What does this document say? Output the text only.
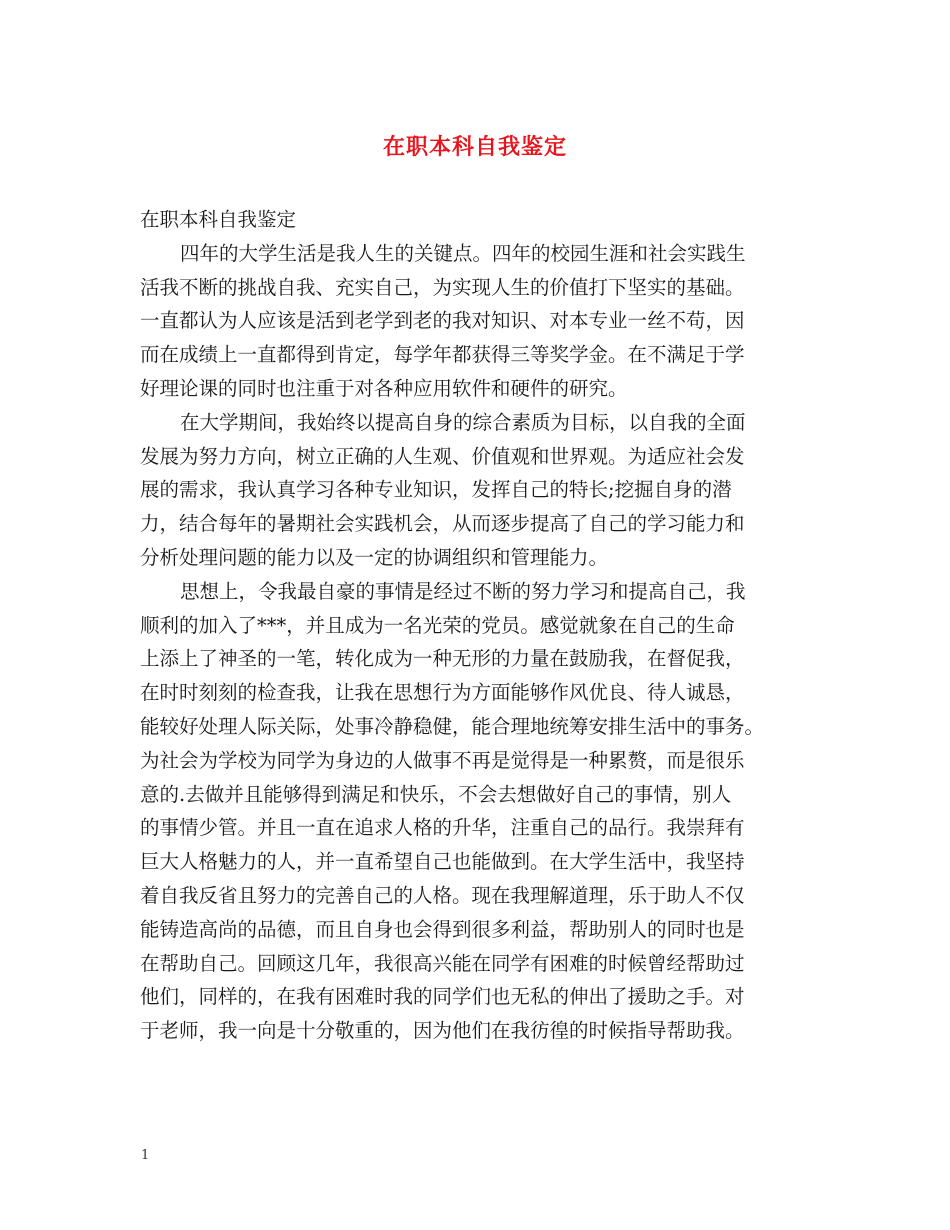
在职本科自我鉴定
在职本科自我鉴定
四年的大学生活是我人生的关键点。四年的校园生涯和社会实践生
活我不断的挑战自我、充实自己，为实现人生的价值打下坚实的基础。
一直都认为人应该是活到老学到老的我对知识、对本专业一丝不苟，因
而在成绩上一直都得到肯定，每学年都获得三等奖学金。在不满足于学
好理论课的同时也注重于对各种应用软件和硬件的研究。
在大学期间，我始终以提高自身的综合素质为目标，以自我的全面
发展为努力方向，树立正确的人生观、价值观和世界观。为适应社会发
展的需求，我认真学习各种专业知识，发挥自己的特长;挖掘自身的潜
力，结合每年的暑期社会实践机会，从而逐步提高了自己的学习能力和
分析处理问题的能力以及一定的协调组织和管理能力。
思想上，令我最自豪的事情是经过不断的努力学习和提高自己，我
顺利的加入了***，并且成为一名光荣的党员。感觉就象在自己的生命
上添上了神圣的一笔，转化成为一种无形的力量在鼓励我，在督促我，
在时时刻刻的检查我，让我在思想行为方面能够作风优良、待人诚恳，
能较好处理人际关际，处事冷静稳健，能合理地统筹安排生活中的事务。
为社会为学校为同学为身边的人做事不再是觉得是一种累赘，而是很乐
意的.去做并且能够得到满足和快乐，不会去想做好自己的事情，别人
的事情少管。并且一直在追求人格的升华，注重自己的品行。我崇拜有
巨大人格魅力的人，并一直希望自己也能做到。在大学生活中，我坚持
着自我反省且努力的完善自己的人格。现在我理解道理，乐于助人不仅
能铸造高尚的品德，而且自身也会得到很多利益，帮助别人的同时也是
在帮助自己。回顾这几年，我很高兴能在同学有困难的时候曾经帮助过
他们，同样的，在我有困难时我的同学们也无私的伸出了援助之手。对
于老师，我一向是十分敬重的，因为他们在我彷徨的时候指导帮助我。
1
